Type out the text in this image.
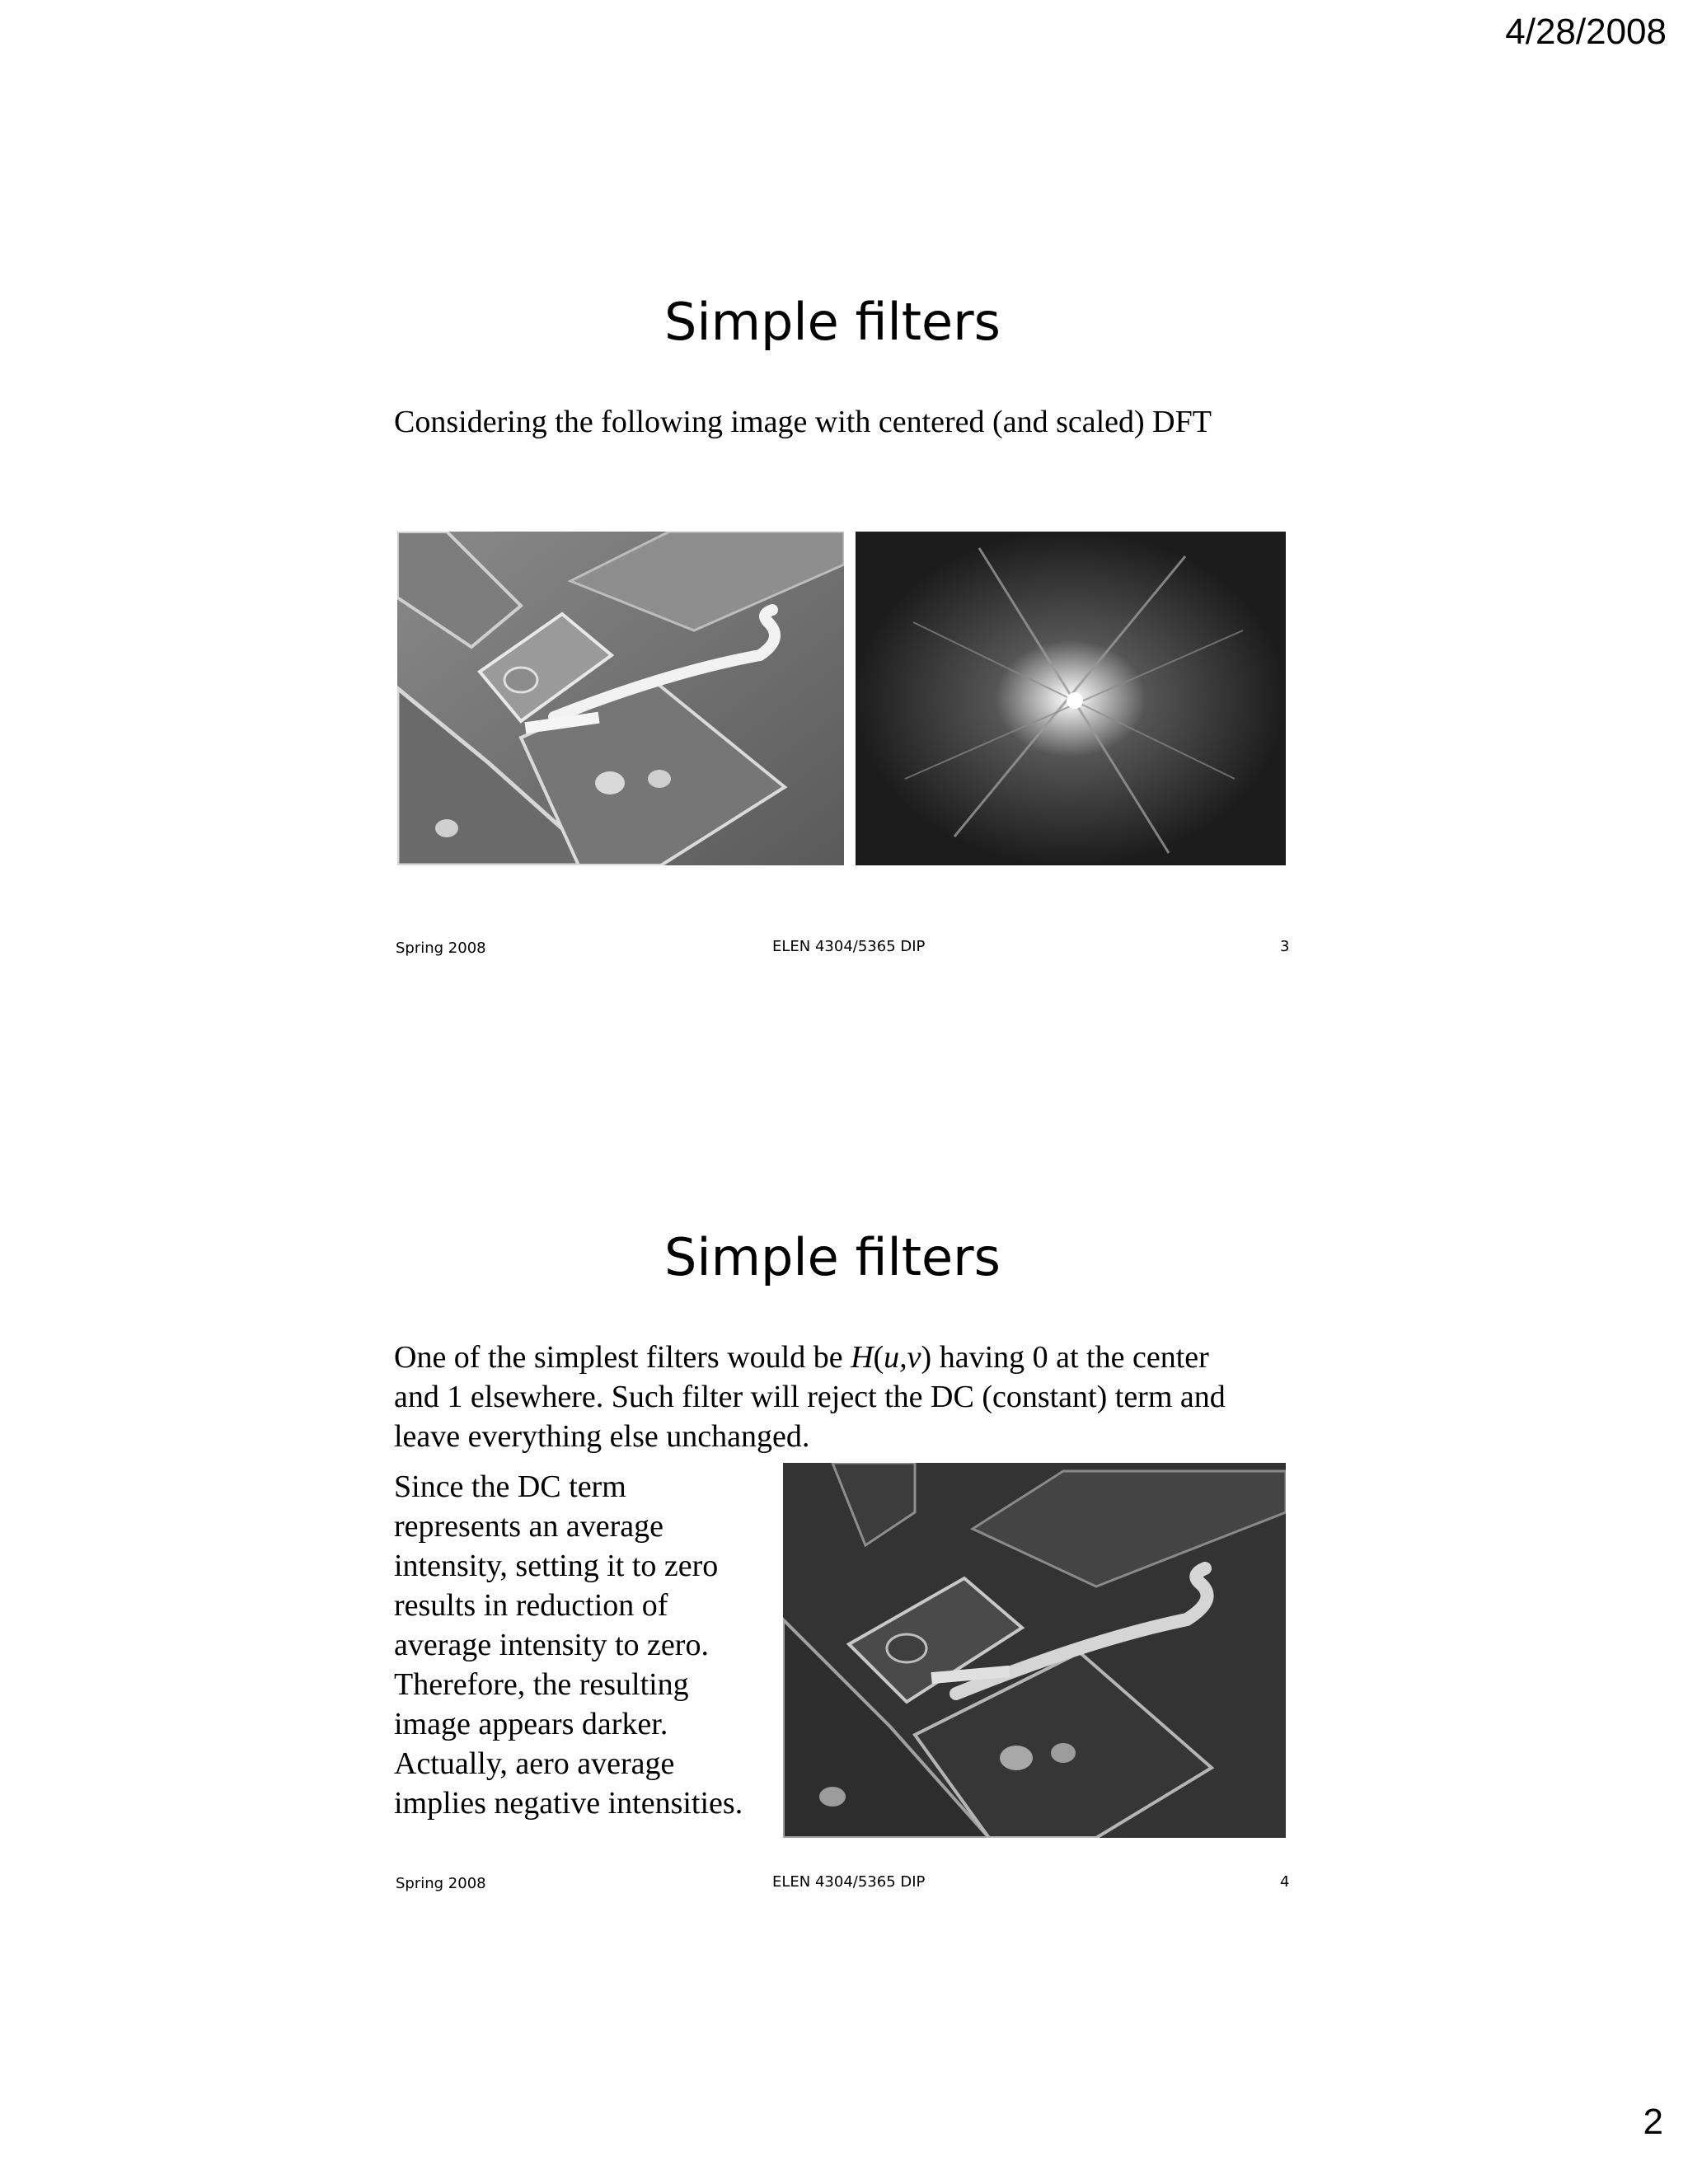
4/28/2008
2
Simple filters
Considering the following image with centered (and scaled) DFT
Spring 2008	ELEN 4304/5365 DIP	3
Simple filters
One of the simplest filters would be H(u,v) having 0 at the center
and 1 elsewhere. Such filter will reject the DC (constant) term and
leave everything else unchanged.
Since the DC term
represents an average
intensity, setting it to zero
results in reduction of
average intensity to zero.
Therefore, the resulting
image appears darker.
Actually, aero average
implies negative intensities.
Spring 2008	ELEN 4304/5365 DIP	4
